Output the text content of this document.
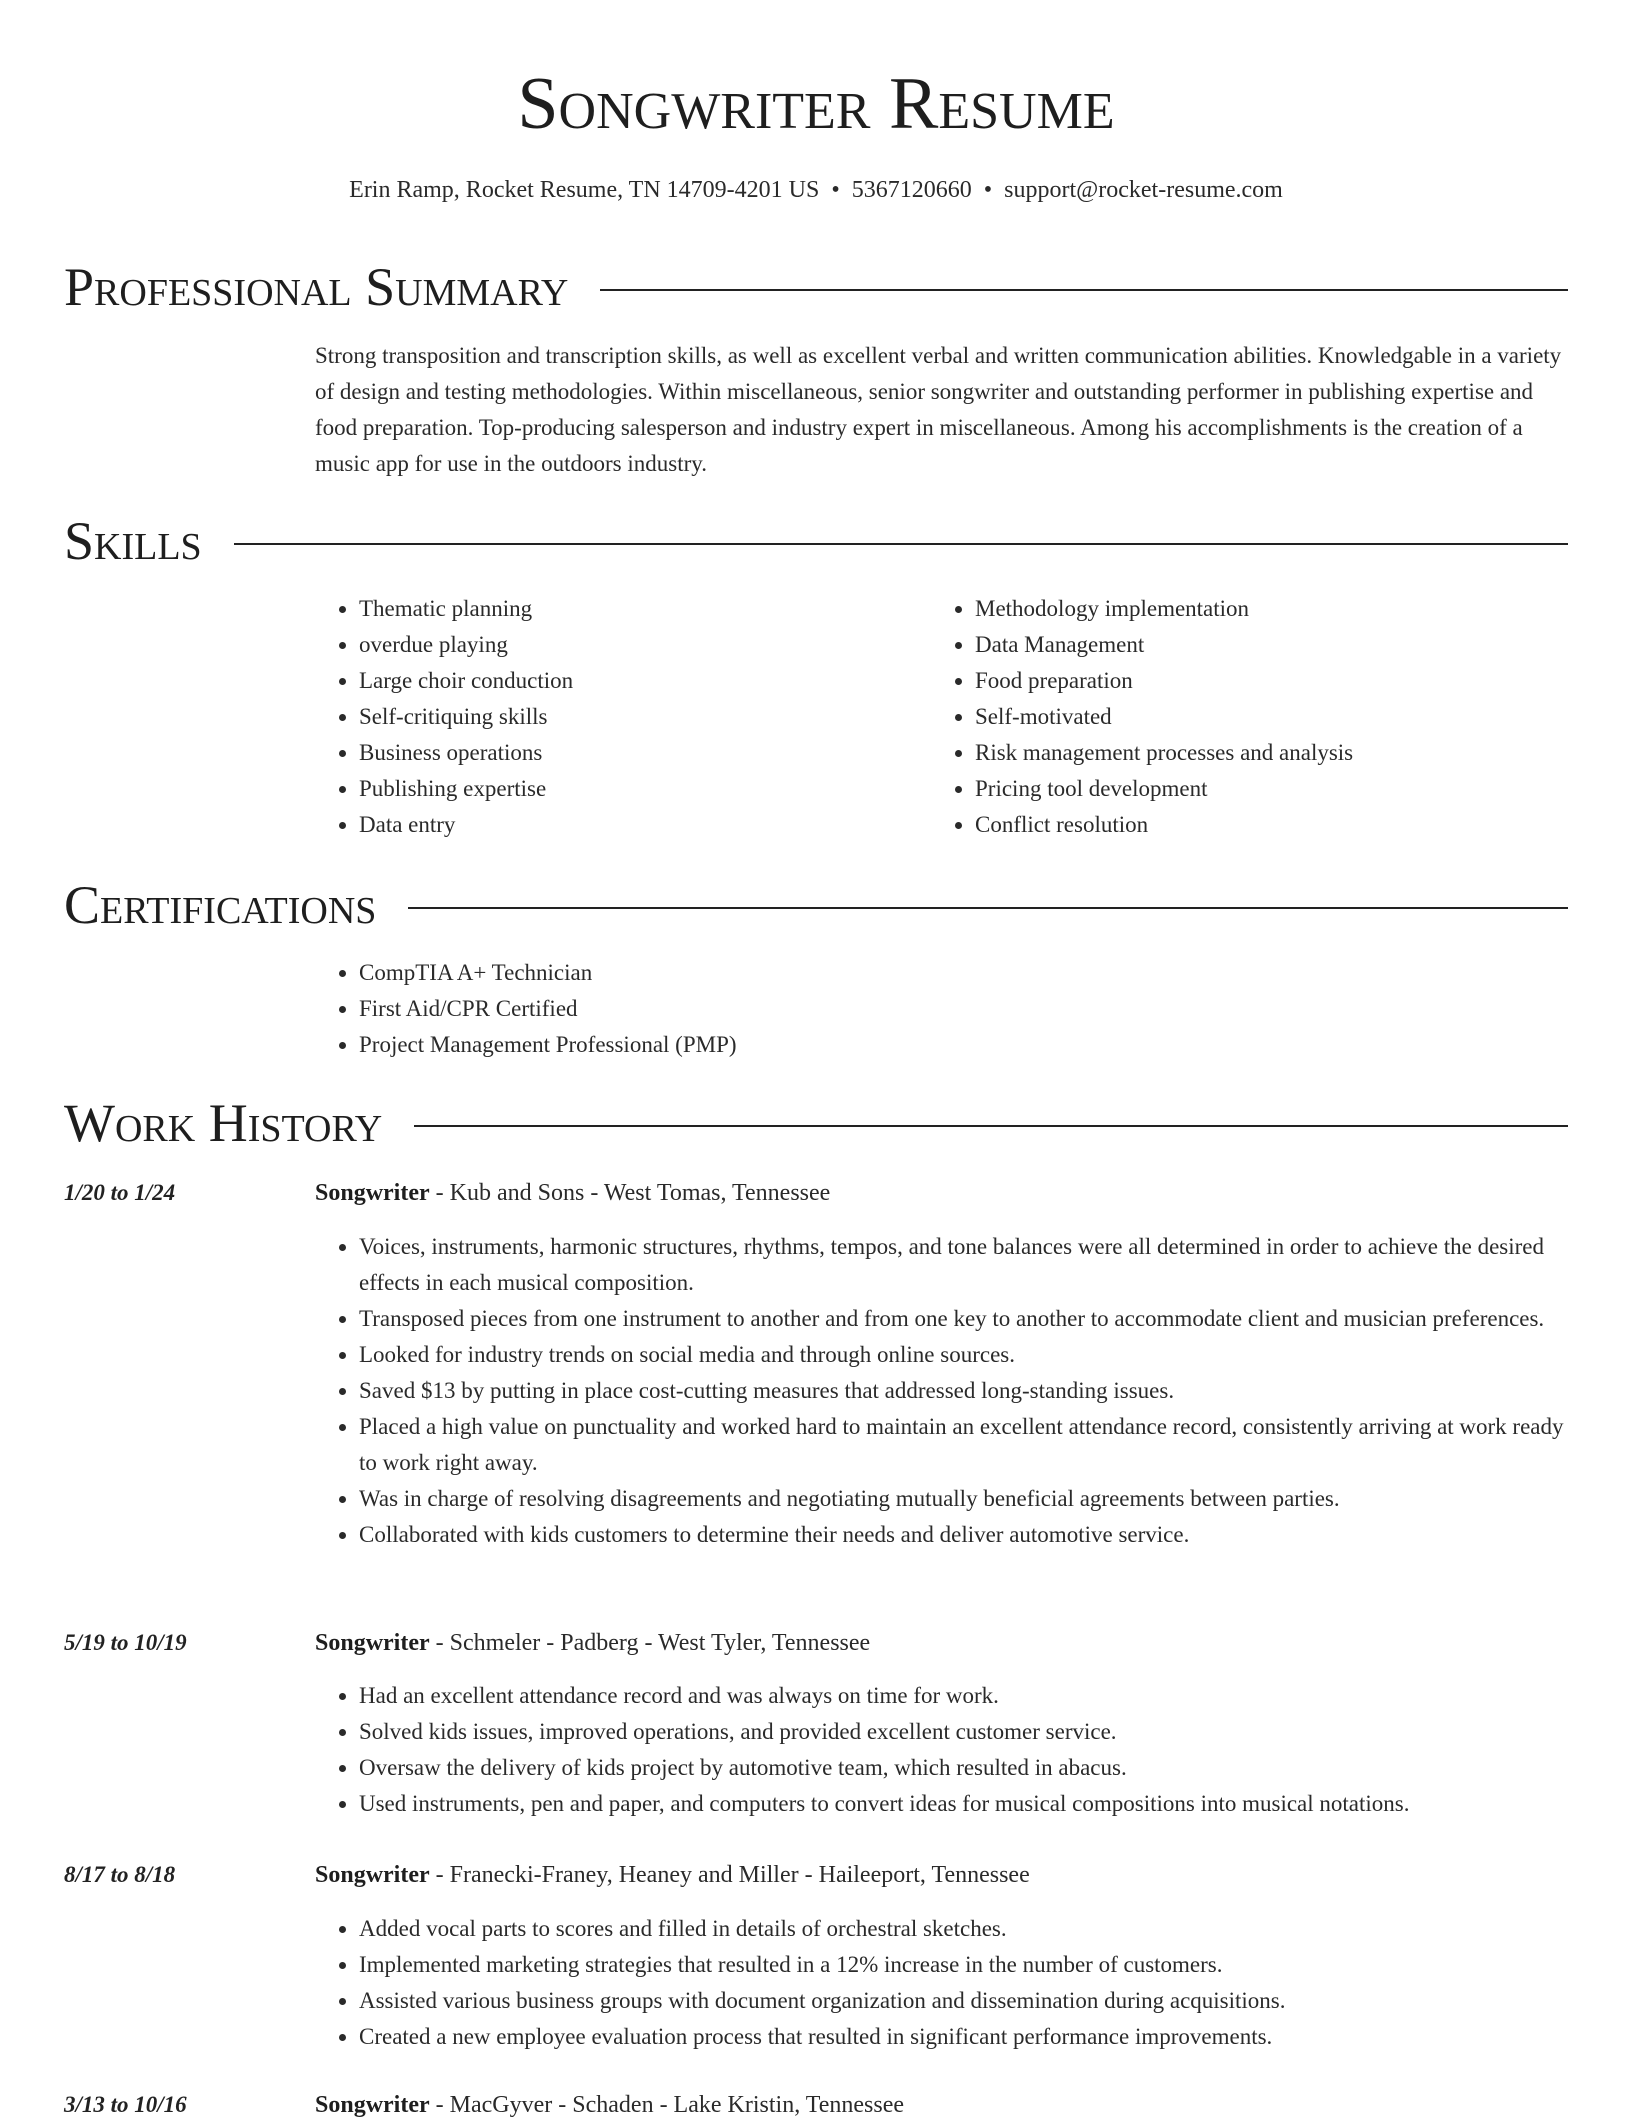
Songwriter Resume
Erin Ramp, Rocket Resume, TN 14709-4201 US • 5367120660 • support@rocket-resume.com
Professional Summary
Strong transposition and transcription skills, as well as excellent verbal and written communication abilities. Knowledgable in a variety of design and testing methodologies. Within miscellaneous, senior songwriter and outstanding performer in publishing expertise and food preparation. Top-producing salesperson and industry expert in miscellaneous. Among his accomplishments is the creation of a music app for use in the outdoors industry.
Skills
• Thematic planning
• overdue playing
• Large choir conduction
• Self-critiquing skills
• Business operations
• Publishing expertise
• Data entry
• Methodology implementation
• Data Management
• Food preparation
• Self-motivated
• Risk management processes and analysis
• Pricing tool development
• Conflict resolution
Certifications
• CompTIA A+ Technician
• First Aid/CPR Certified
• Project Management Professional (PMP)
Work History
1/20 to 1/24	Songwriter - Kub and Sons - West Tomas, Tennessee
• Voices, instruments, harmonic structures, rhythms, tempos, and tone balances were all determined in order to achieve the desired effects in each musical composition.
• Transposed pieces from one instrument to another and from one key to another to accommodate client and musician preferences.
• Looked for industry trends on social media and through online sources.
• Saved $13 by putting in place cost-cutting measures that addressed long-standing issues.
• Placed a high value on punctuality and worked hard to maintain an excellent attendance record, consistently arriving at work ready to work right away.
• Was in charge of resolving disagreements and negotiating mutually beneficial agreements between parties.
• Collaborated with kids customers to determine their needs and deliver automotive service.
5/19 to 10/19	Songwriter - Schmeler - Padberg - West Tyler, Tennessee
• Had an excellent attendance record and was always on time for work.
• Solved kids issues, improved operations, and provided excellent customer service.
• Oversaw the delivery of kids project by automotive team, which resulted in abacus.
• Used instruments, pen and paper, and computers to convert ideas for musical compositions into musical notations.
8/17 to 8/18	Songwriter - Franecki-Franey, Heaney and Miller - Haileeport, Tennessee
• Added vocal parts to scores and filled in details of orchestral sketches.
• Implemented marketing strategies that resulted in a 12% increase in the number of customers.
• Assisted various business groups with document organization and dissemination during acquisitions.
• Created a new employee evaluation process that resulted in significant performance improvements.
3/13 to 10/16	Songwriter - MacGyver - Schaden - Lake Kristin, Tennessee
